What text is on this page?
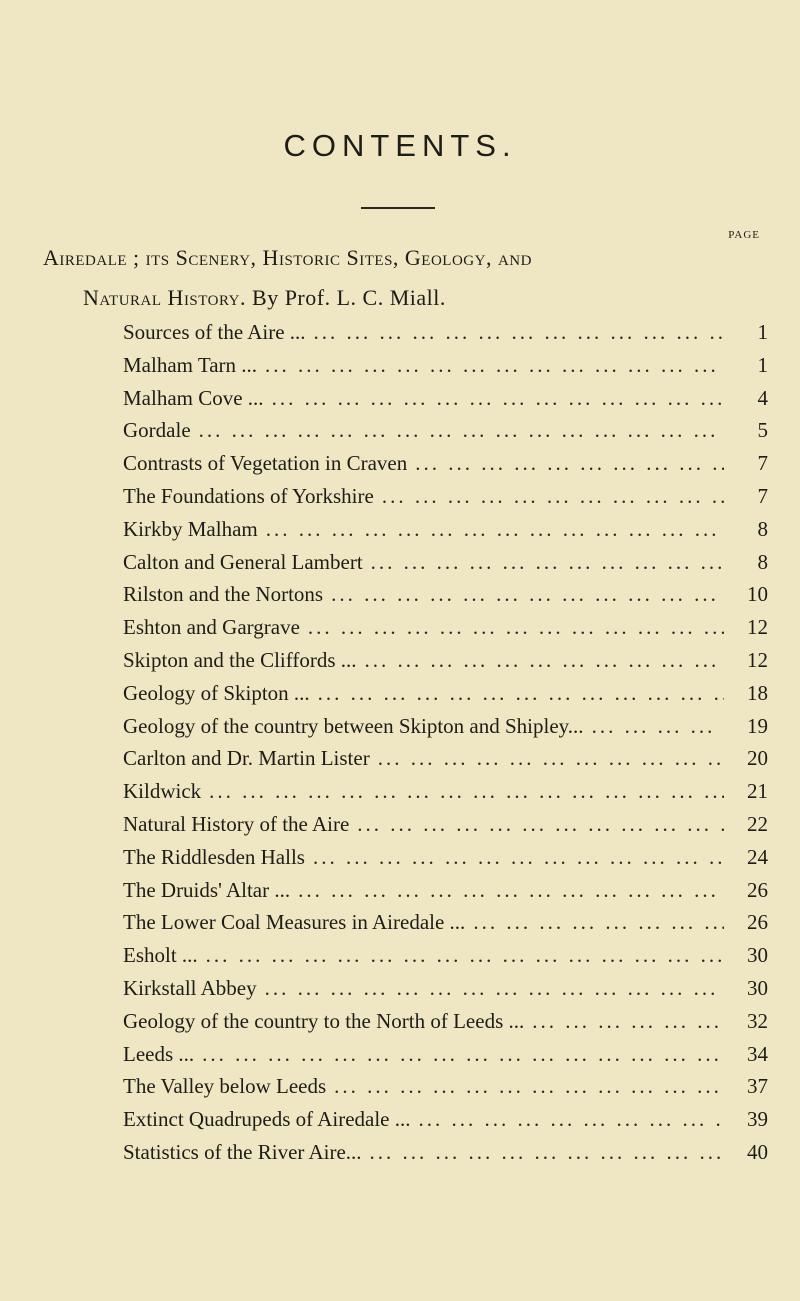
CONTENTS.
PAGE
Airedale ; its Scenery, Historic Sites, Geology, and
Natural History. By Prof. L. C. Miall.
Sources of the Aire ... ... .	1
Malham Tarn ... ... .	1
Malham Cove ... ... .	4
Gordale ... .	5
Contrasts of Vegetation in Craven ... .	7
The Foundations of Yorkshire ... .	7
Kirkby Malham ... .	8
Calton and General Lambert ... .	8
Rilston and the Nortons ... .	10
Eshton and Gargrave ... .	12
Skipton and the Cliffords ... ... .	12
Geology of Skipton ... ... .	18
Geology of the country between Skipton and Shipley... ... .	19
Carlton and Dr. Martin Lister ... .	20
Kildwick ... .	21
Natural History of the Aire ... .	22
The Riddlesden Halls ... .	24
The Druids' Altar ... ... .	26
The Lower Coal Measures in Airedale ... ... .	26
Esholt ... ... .	30
Kirkstall Abbey ... .	30
Geology of the country to the North of Leeds ... ... .	32
Leeds ... ... .	34
The Valley below Leeds ... .	37
Extinct Quadrupeds of Airedale ... ... .	39
Statistics of the River Aire... ... .	40
